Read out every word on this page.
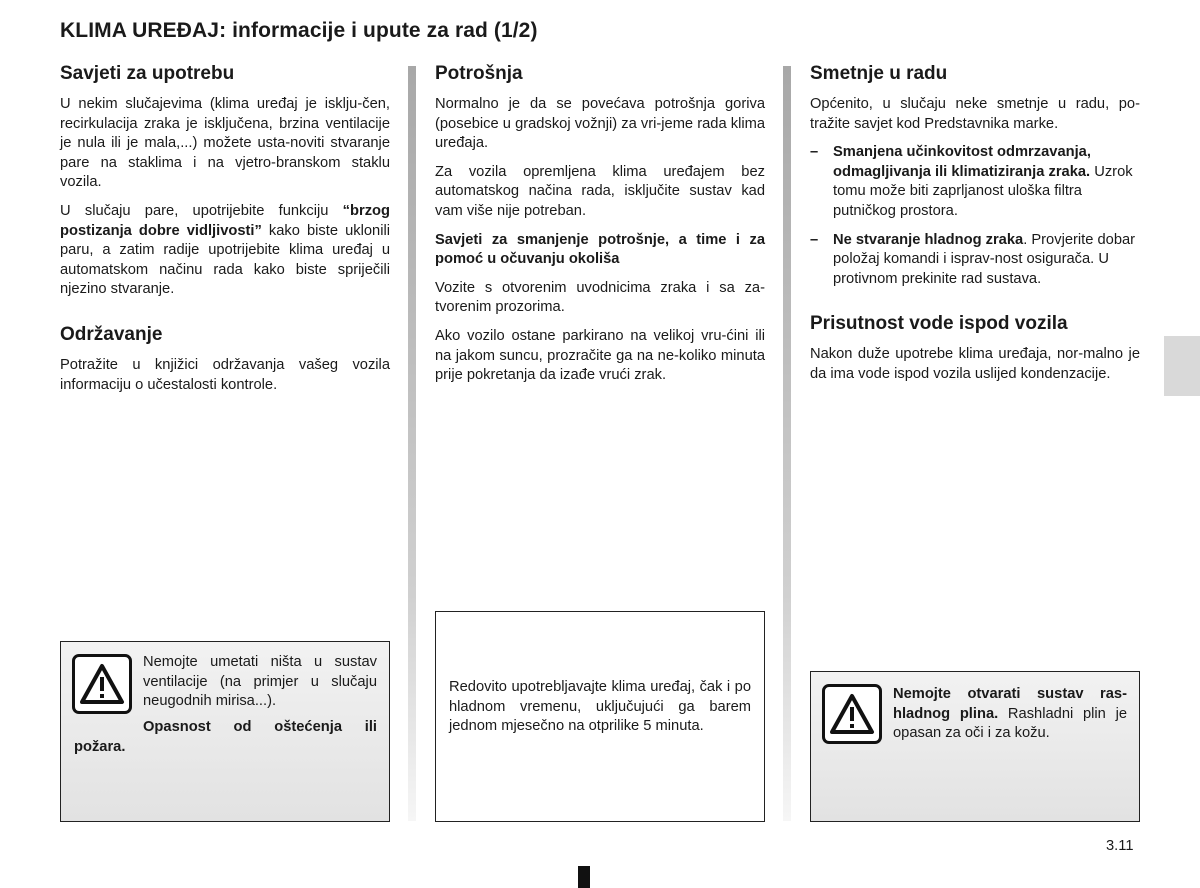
KLIMA UREĐAJ: informacije i upute za rad (1/2)
Savjeti za upotrebu

U nekim slučajevima (klima uređaj je isklju-čen, recirkulacija zraka je isključena, brzina ventilacije je nula ili je mala,...) možete usta-noviti stvaranje pare na staklima i na vjetro-branskom staklu vozila.

U slučaju pare, upotrijebite funkciju “brzog postizanja dobre vidljivosti” kako biste uklonili paru, a zatim radije upotrijebite klima uređaj u automatskom načinu rada kako biste spriječili njezino stvaranje.

Održavanje

Potražite u knjižici održavanja vašeg vozila informaciju o učestalosti kontrole.

Nemojte umetati ništa u sustav ventilacije (na primjer u slučaju neugodnih mirisa...).

Opasnost od oštećenja ili
požara.

Potrošnja

Normalno je da se povećava potrošnja goriva (posebice u gradskoj vožnji) za vri-jeme rada klima uređaja.

Za vozila opremljena klima uređajem bez automatskog načina rada, isključite sustav kad vam više nije potreban.

Savjeti za smanjenje potrošnje, a time i za pomoć u očuvanju okoliša

Vozite s otvorenim uvodnicima zraka i sa za-tvorenim prozorima.

Ako vozilo ostane parkirano na velikoj vru-ćini ili na jakom suncu, prozračite ga na ne-koliko minuta prije pokretanja da izađe vrući zrak.

Redovito upotrebljavajte klima uređaj, čak i po hladnom vremenu, uključujući ga barem jednom mjesečno na otprilike 5 minuta.

Smetnje u radu

Općenito, u slučaju neke smetnje u radu, po-tražite savjet kod Predstavnika marke.

– Smanjena učinkovitost odmrzavanja, odmagljivanja ili klimatiziranja zraka. Uzrok tomu može biti zaprljanost uloška filtra putničkog prostora.
– Ne stvaranje hladnog zraka. Provjerite dobar položaj komandi i isprav-nost osigurača. U protivnom prekinite rad sustava.
Prisutnost vode ispod vozila

Nakon duže upotrebe klima uređaja, nor-malno je da ima vode ispod vozila uslijed kondenzacije.

Nemojte otvarati sustav ras-hladnog plina. Rashladni plin je opasan za oči i za kožu.

3.11
